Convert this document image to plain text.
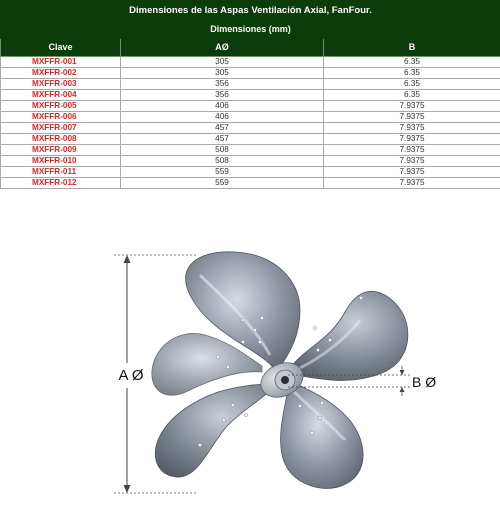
Dimensiones de las Aspas Ventilación Axial, FanFour.		
Dimensiones (mm)		
Clave	AØ	B
MXFFR-001	305	6.35
MXFFR-002	305	6.35
MXFFR-003	356	6.35
MXFFR-004	356	6.35
MXFFR-005	406	7.9375
MXFFR-006	406	7.9375
MXFFR-007	457	7.9375
MXFFR-008	457	7.9375
MXFFR-009	508	7.9375
MXFFR-010	508	7.9375
MXFFR-011	559	7.9375
MXFFR-012	559	7.9375
A Ø	B Ø
